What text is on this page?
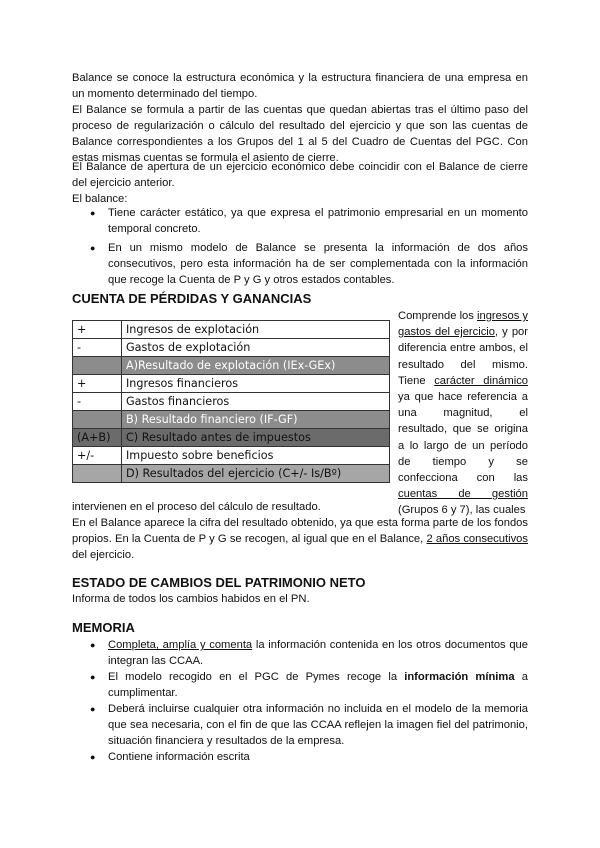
Balance se conoce la estructura económica y la estructura financiera de una empresa en un momento determinado del tiempo.
El Balance se formula a partir de las cuentas que quedan abiertas tras el último paso del proceso de regularización o cálculo del resultado del ejercicio y que son las cuentas de Balance correspondientes a los Grupos del 1 al 5 del Cuadro de Cuentas del PGC. Con estas mismas cuentas se formula el asiento de cierre.
El Balance de apertura de un ejercicio económico debe coincidir con el Balance de cierre del ejercicio anterior.
El balance:
● Tiene carácter estático, ya que expresa el patrimonio empresarial en un momento temporal concreto.
● En un mismo modelo de Balance se presenta la información de dos años consecutivos, pero esta información ha de ser complementada con la información que recoge la Cuenta de P y G y otros estados contables.
CUENTA DE PÉRDIDAS Y GANANCIAS
+	Ingresos de explotación
-	Gastos de explotación
	A)Resultado de explotación (IEx-GEx)
+	Ingresos financieros
-	Gastos financieros
	B) Resultado financiero (IF-GF)
(A+B)	C) Resultado antes de impuestos
+/-	Impuesto sobre beneficios
	D) Resultados del ejercicio (C+/- Is/Bº)
Comprende los ingresos y gastos del ejercicio, y por diferencia entre ambos, el resultado del mismo. Tiene carácter dinámico ya que hace referencia a una magnitud, el resultado, que se origina a lo largo de un período de tiempo y se confecciona con las cuentas de gestión (Grupos 6 y 7), las cuales
intervienen en el proceso del cálculo de resultado.
En el Balance aparece la cifra del resultado obtenido, ya que esta forma parte de los fondos propios. En la Cuenta de P y G se recogen, al igual que en el Balance, 2 años consecutivos del ejercicio.
ESTADO DE CAMBIOS DEL PATRIMONIO NETO
Informa de todos los cambios habidos en el PN.
MEMORIA
● Completa, amplía y comenta la información contenida en los otros documentos que integran las CCAA.
● El modelo recogido en el PGC de Pymes recoge la información mínima a cumplimentar.
● Deberá incluirse cualquier otra información no incluida en el modelo de la memoria que sea necesaria, con el fin de que las CCAA reflejen la imagen fiel del patrimonio, situación financiera y resultados de la empresa.
● Contiene información escrita
